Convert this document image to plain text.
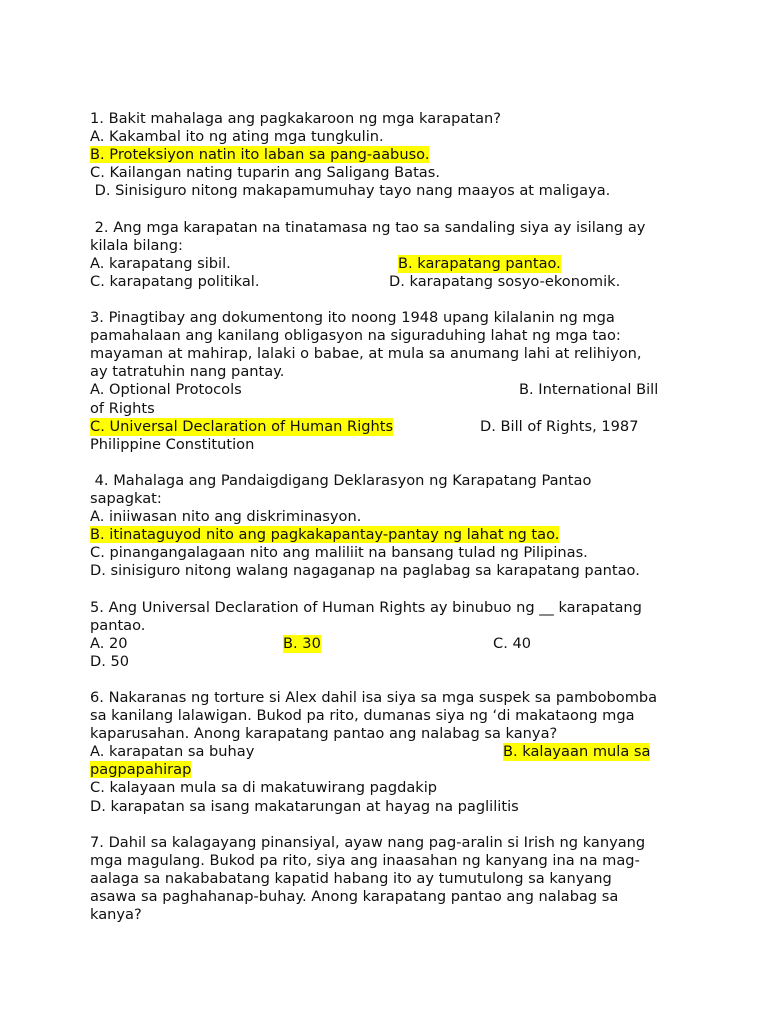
1. Bakit mahalaga ang pagkakaroon ng mga karapatan?
A. Kakambal ito ng ating mga tungkulin.
B. Proteksiyon natin ito laban sa pang-aabuso.
C. Kailangan nating tuparin ang Saligang Batas.
D. Sinisiguro nitong makapamumuhay tayo nang maayos at maligaya.
2. Ang mga karapatan na tinatamasa ng tao sa sandaling siya ay isilang ay
kilala bilang:

A. karapatang sibil.

	B. karapatang pantao.

C. karapatang politikal.

	D. karapatang sosyo-ekonomik.

3. Pinagtibay ang dokumentong ito noong 1948 upang kilalanin ng mga
pamahalaan ang kanilang obligasyon na siguraduhing lahat ng mga tao:
mayaman at mahirap, lalaki o babae, at mula sa anumang lahi at relihiyon,
ay tatratuhin nang pantay.

A. Optional Protocols

	B. International Bill

of Rights

C. Universal Declaration of Human Rights

	D. Bill of Rights, 1987

Philippine Constitution
4. Mahalaga ang Pandaigdigang Deklarasyon ng Karapatang Pantao
sapagkat:
A. iniiwasan nito ang diskriminasyon.
B. itinataguyod nito ang pagkakapantay-pantay ng lahat ng tao.
C. pinangangalagaan nito ang maliliit na bansang tulad ng Pilipinas.
D. sinisiguro nitong walang nagaganap na paglabag sa karapatang pantao.
5. Ang Universal Declaration of Human Rights ay binubuo ng __ karapatang
pantao.

A. 20

	B. 30

	C. 40

D. 50
6. Nakaranas ng torture si Alex dahil isa siya sa mga suspek sa pambobomba
sa kanilang lalawigan. Bukod pa rito, dumanas siya ng ‘di makataong mga
kaparusahan. Anong karapatang pantao ang nalabag sa kanya?

A. karapatan sa buhay

	B. kalayaan mula sa

pagpapahirap
C. kalayaan mula sa di makatuwirang pagdakip
D. karapatan sa isang makatarungan at hayag na paglilitis
7. Dahil sa kalagayang pinansiyal, ayaw nang pag-aralin si Irish ng kanyang
mga magulang. Bukod pa rito, siya ang inaasahan ng kanyang ina na mag-
aalaga sa nakababatang kapatid habang ito ay tumutulong sa kanyang
asawa sa paghahanap-buhay. Anong karapatang pantao ang nalabag sa
kanya?
